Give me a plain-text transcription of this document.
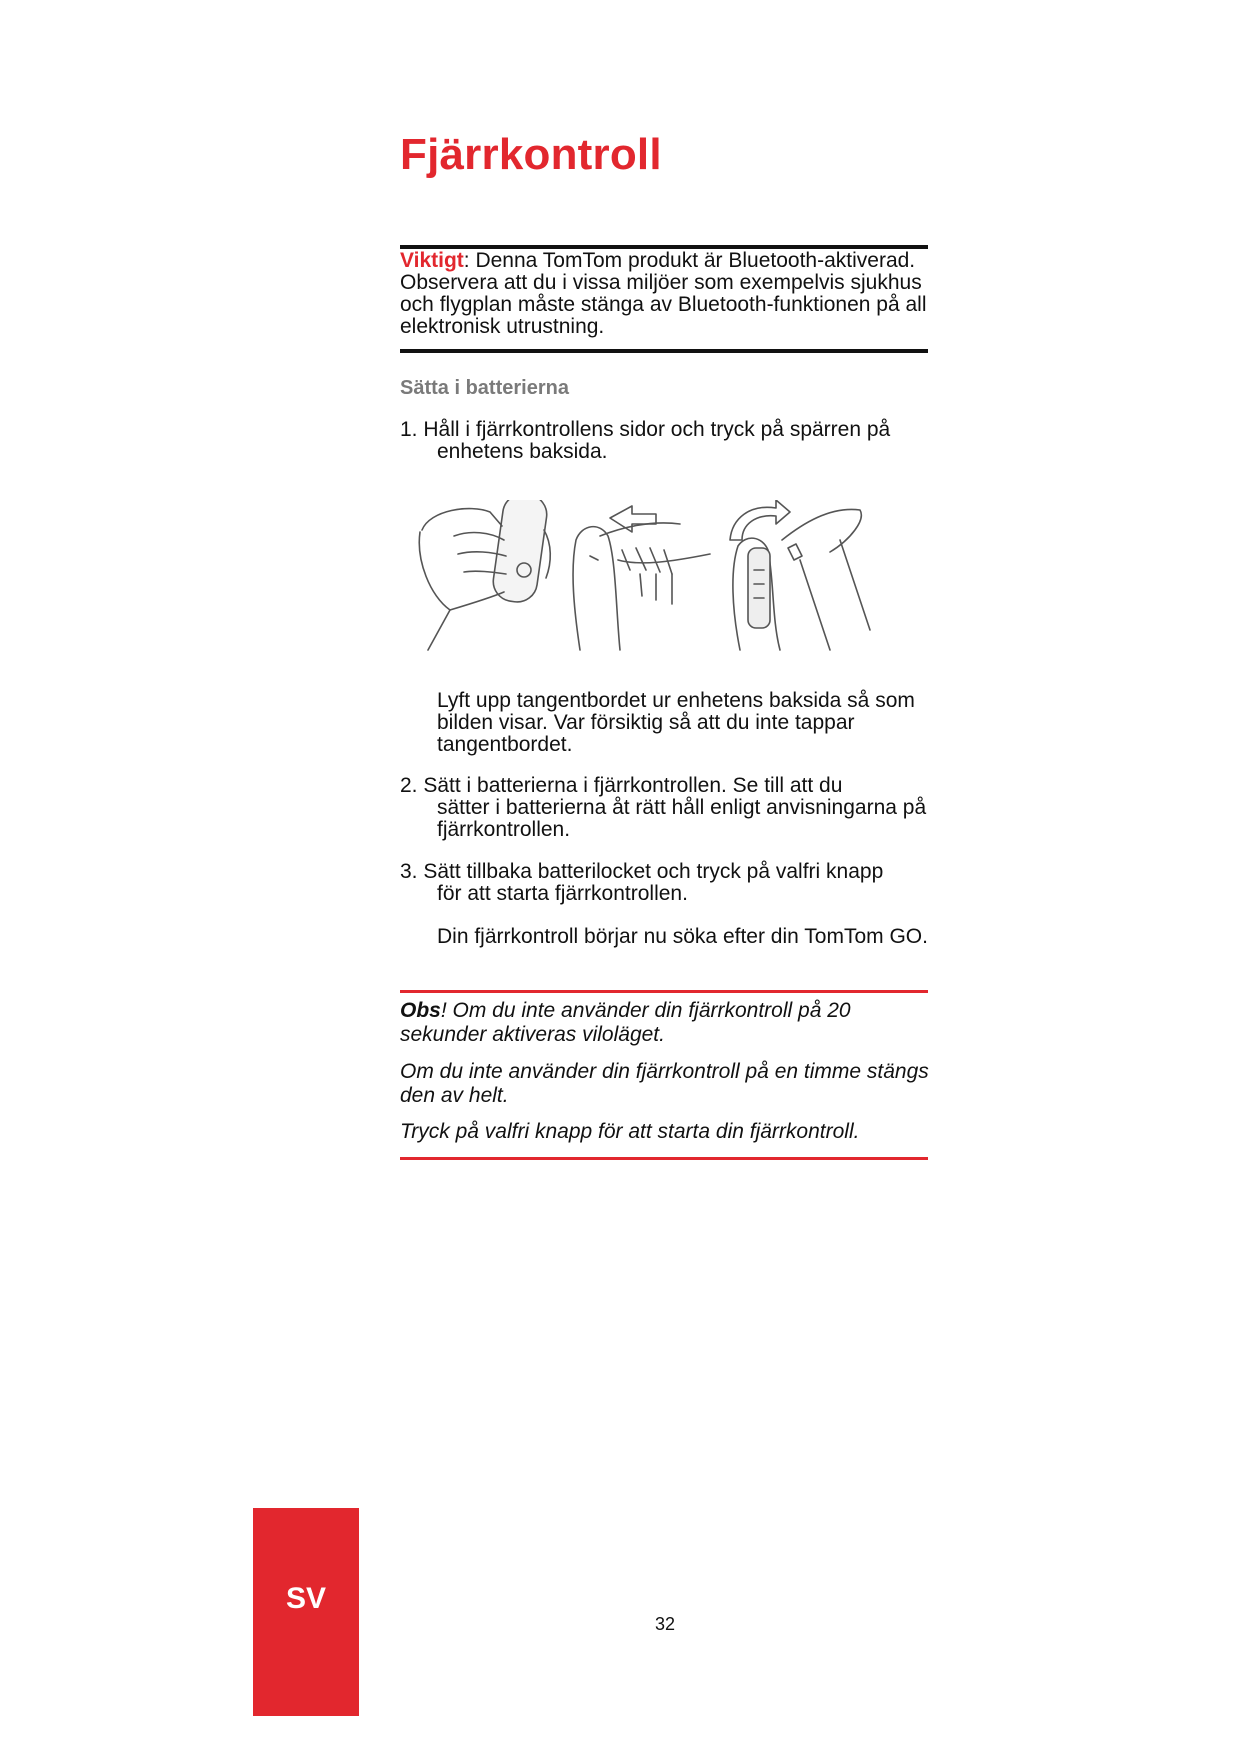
Fjärrkontroll
Viktigt: Denna TomTom produkt är Bluetooth-aktiverad. Observera att du i vissa miljöer som exempelvis sjukhus och flygplan måste stänga av Bluetooth-funktionen på all elektronisk utrustning.
Sätta i batterierna
1. Håll i fjärrkontrollens sidor och tryck på spärren på
enhetens baksida.
Lyft upp tangentbordet ur enhetens baksida så som bilden visar. Var försiktig så att du inte tappar tangentbordet.
2. Sätt i batterierna i fjärrkontrollen. Se till att du
sätter i batterierna åt rätt håll enligt anvisningarna på fjärrkontrollen.
3. Sätt tillbaka batterilocket och tryck på valfri knapp
för att starta fjärrkontrollen.
Din fjärrkontroll börjar nu söka efter din TomTom GO.
Obs! Om du inte använder din fjärrkontroll på 20 sekunder aktiveras viloläget.
Om du inte använder din fjärrkontroll på en timme stängs den av helt.
Tryck på valfri knapp för att starta din fjärrkontroll.
SV
32
